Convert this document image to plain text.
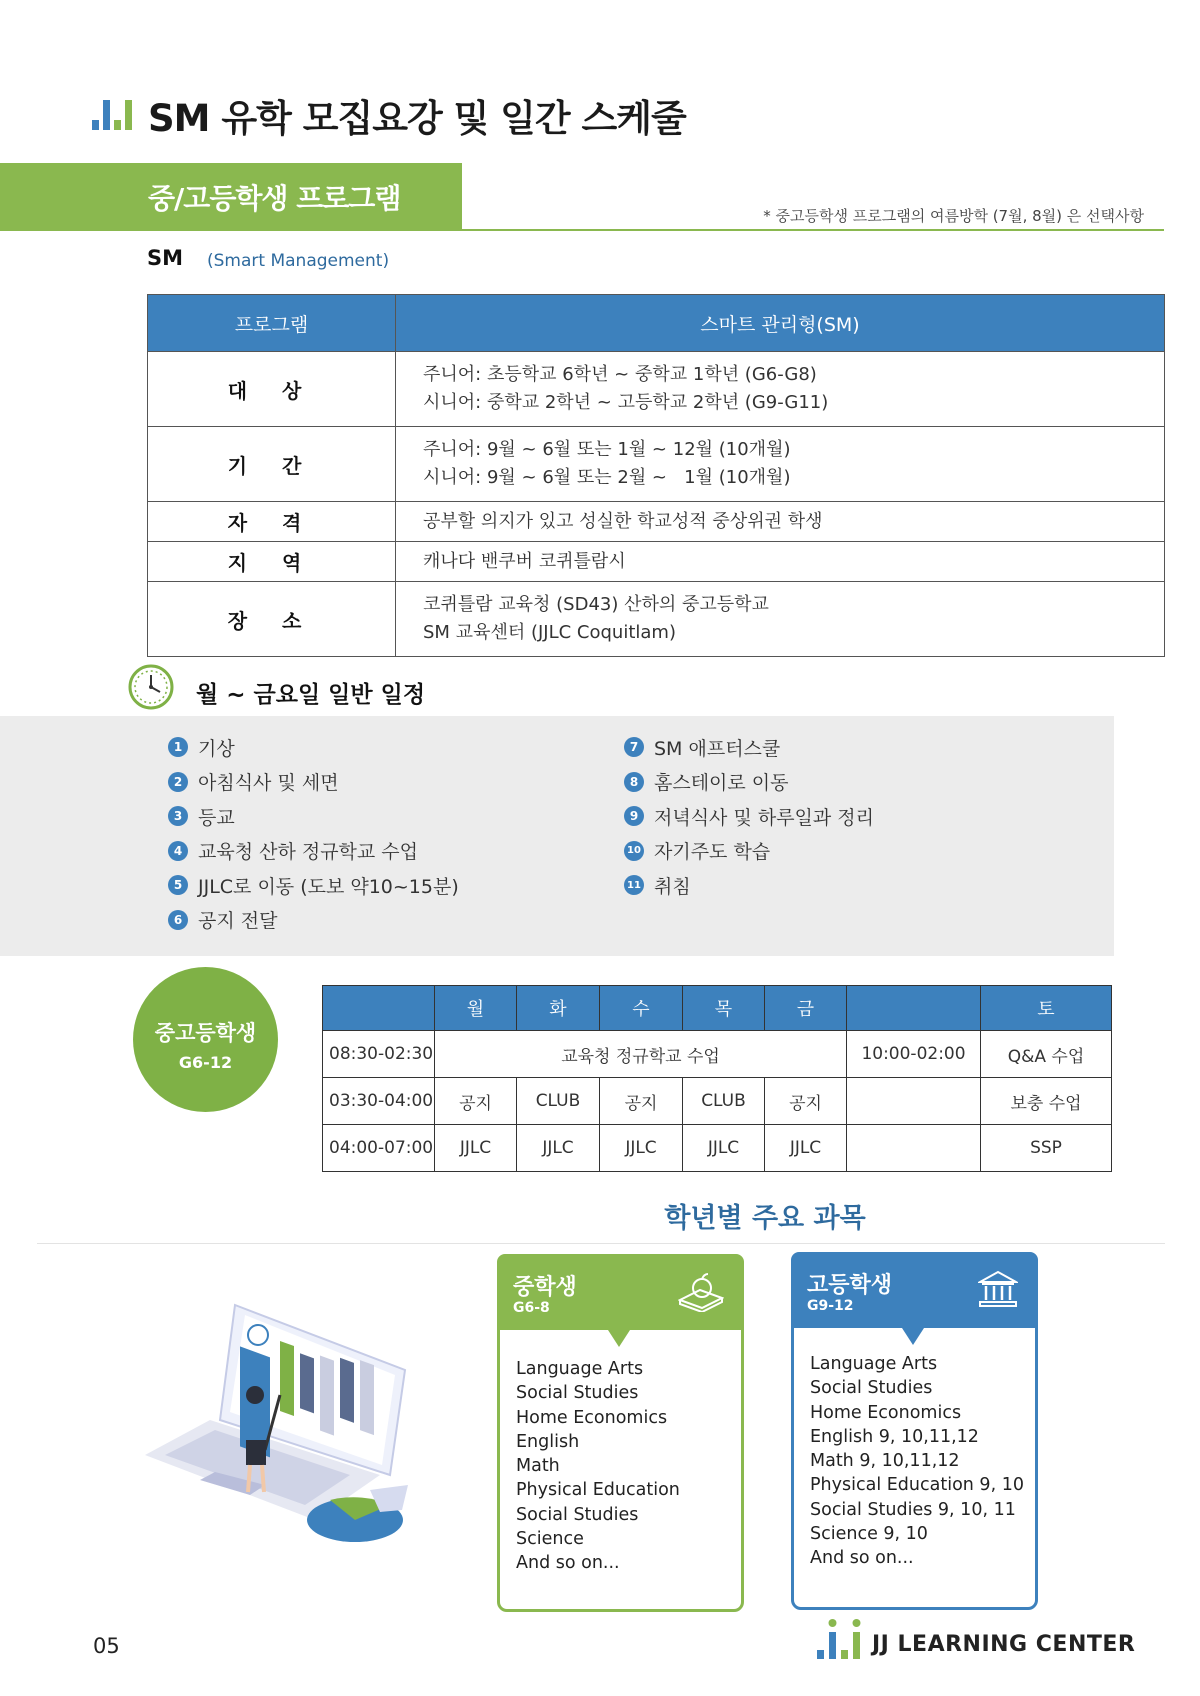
SM 유학 모집요강 및 일간 스케줄
중/고등학생 프로그램
* 중고등학생 프로그램의 여름방학 (7월, 8월) 은 선택사항
SM (Smart Management)
프로그램	스마트 관리형(SM)
대 상	주니어: 초등학교 6학년 ~ 중학교 1학년 (G6-G8)
시니어: 중학교 2학년 ~ 고등학교 2학년 (G9-G11)

기 간	주니어: 9월 ~ 6월 또는 1월 ~ 12월 (10개월)
시니어: 9월 ~ 6월 또는 2월 ~   1월 (10개월)

자 격	공부할 의지가 있고 성실한 학교성적 중상위권 학생
지 역	캐나다 밴쿠버 코퀴틀람시
장 소	코퀴틀람 교육청 (SD43) 산하의 중고등학교
SM 교육센터 (JJLC Coquitlam)
월 ~ 금요일 일반 일정
1 기상
2 아침식사 및 세면
3 등교
4 교육청 산하 정규학교 수업
5 JJLC로 이동 (도보 약10~15분)
6 공지 전달
7 SM 애프터스쿨
8 홈스테이로 이동
9 저녁식사 및 하루일과 정리
10 자기주도 학습
11 취침
중고등학생
G6-12
	월	화	수	목	금		토
08:30-02:30	교육청 정규학교 수업					10:00-02:00	Q&A 수업
03:30-04:00	공지	CLUB	공지	CLUB	공지		보충 수업
04:00-07:00	JJLC	JJLC	JJLC	JJLC	JJLC		SSP
학년별 주요 과목
중학생
G6-8
Language Arts
Social Studies
Home Economics
English
Math
Physical Education
Social Studies
Science
And so on...
고등학생
G9-12
Language Arts
Social Studies
Home Economics
English 9, 10,11,12
Math 9, 10,11,12
Physical Education 9, 10
Social Studies 9, 10, 11
Science 9, 10
And so on...
05	JJ LEARNING CENTER
